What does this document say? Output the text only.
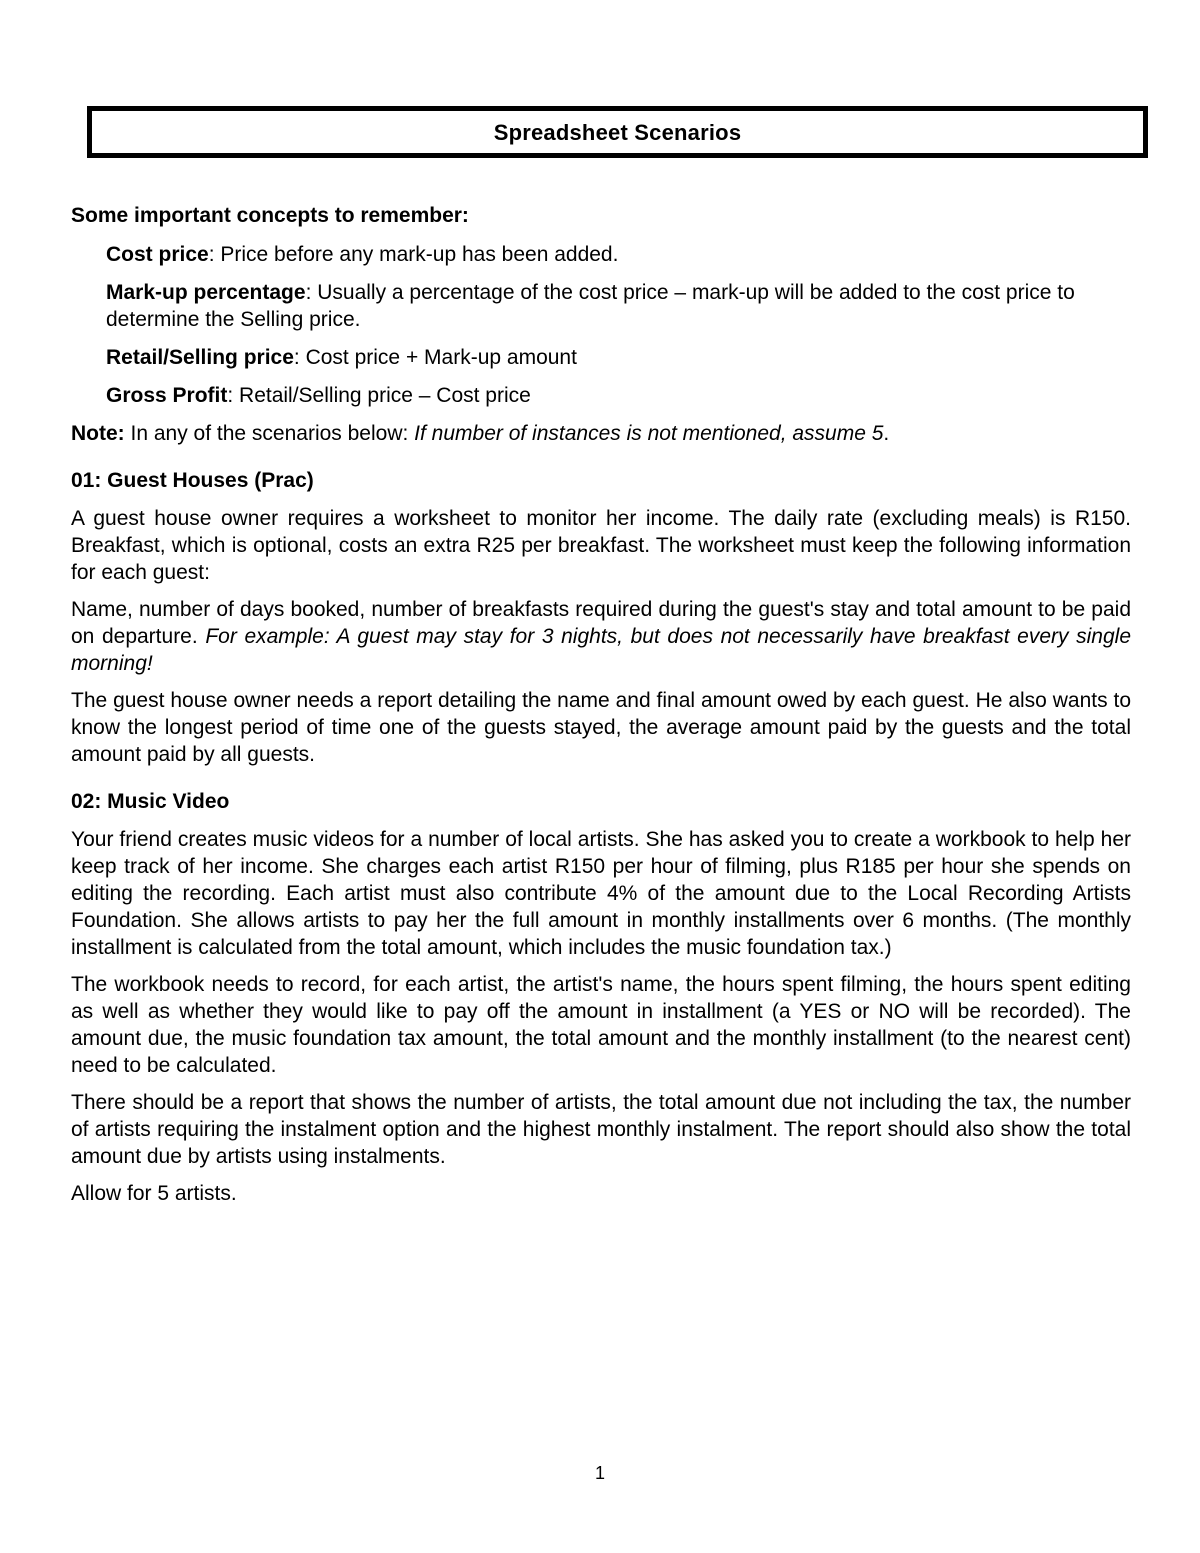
Spreadsheet Scenarios
Some important concepts to remember:
Cost price: Price before any mark-up has been added.
Mark-up percentage: Usually a percentage of the cost price – mark-up will be added to the cost price to determine the Selling price.
Retail/Selling price: Cost price + Mark-up amount
Gross Profit: Retail/Selling price – Cost price
Note: In any of the scenarios below: If number of instances is not mentioned, assume 5.
01: Guest Houses (Prac)
A guest house owner requires a worksheet to monitor her income. The daily rate (excluding meals) is R150. Breakfast, which is optional, costs an extra R25 per breakfast. The worksheet must keep the following information for each guest:
Name, number of days booked, number of breakfasts required during the guest's stay and total amount to be paid on departure. For example: A guest may stay for 3 nights, but does not necessarily have breakfast every single morning!
The guest house owner needs a report detailing the name and final amount owed by each guest. He also wants to know the longest period of time one of the guests stayed, the average amount paid by the guests and the total amount paid by all guests.
02: Music Video
Your friend creates music videos for a number of local artists. She has asked you to create a workbook to help her keep track of her income. She charges each artist R150 per hour of filming, plus R185 per hour she spends on editing the recording. Each artist must also contribute 4% of the amount due to the Local Recording Artists Foundation. She allows artists to pay her the full amount in monthly installments over 6 months. (The monthly installment is calculated from the total amount, which includes the music foundation tax.)
The workbook needs to record, for each artist, the artist's name, the hours spent filming, the hours spent editing as well as whether they would like to pay off the amount in installment (a YES or NO will be recorded). The amount due, the music foundation tax amount, the total amount and the monthly installment (to the nearest cent) need to be calculated.
There should be a report that shows the number of artists, the total amount due not including the tax, the number of artists requiring the instalment option and the highest monthly instalment. The report should also show the total amount due by artists using instalments.
Allow for 5 artists.
1
